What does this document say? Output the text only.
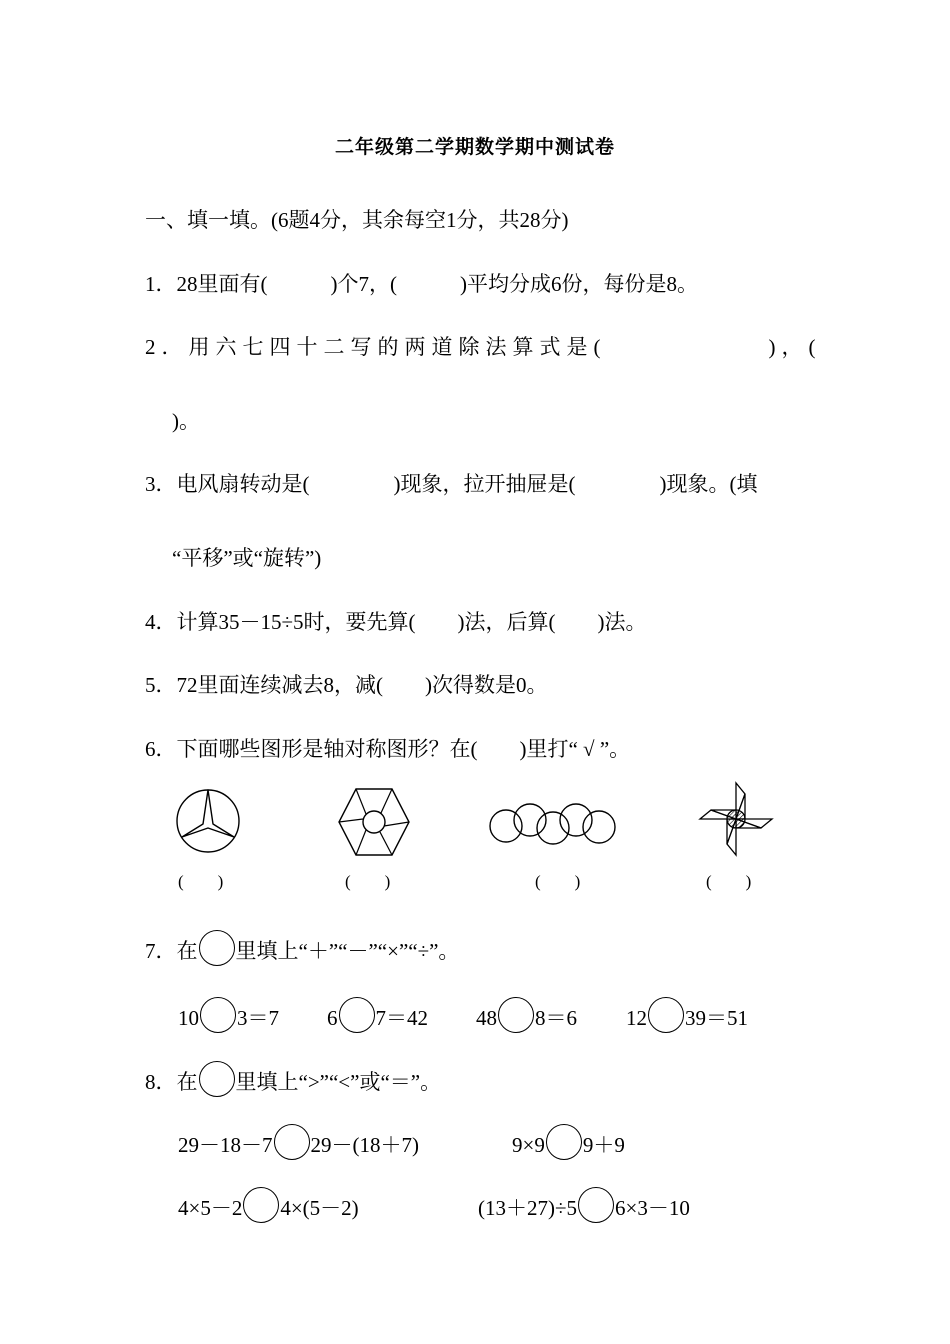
二年级第二学期数学期中测试卷
一、填一填。(6题4分，其余每空1分，共28分)
1．28里面有(　　　)个7，(　　　)平均分成6份，每份是8。
2．用六七四十二写的两道除法算式是(　　　　　　)，(
)。
3．电风扇转动是(　　　　)现象，拉开抽屉是(　　　　)现象。(填
“平移”或“旋转”)
4．计算35－15÷5时，要先算(　　)法，后算(　　)法。
5．72里面连续减去8，减(　　)次得数是0。
6．下面哪些图形是轴对称图形？在(　　)里打“ √ ”。
(　　)	(　　)	(　　)	(　　)
7．在 里填上“＋”“－”“×”“÷”。
10 3＝7 6 7＝42 48 8＝6 12 39＝51
8．在 里填上“>”“<”或“＝”。
29－18－7 29－(18＋7)	9×9 9＋9
4×5－2 4×(5－2)	(13＋27)÷5 6×3－10
